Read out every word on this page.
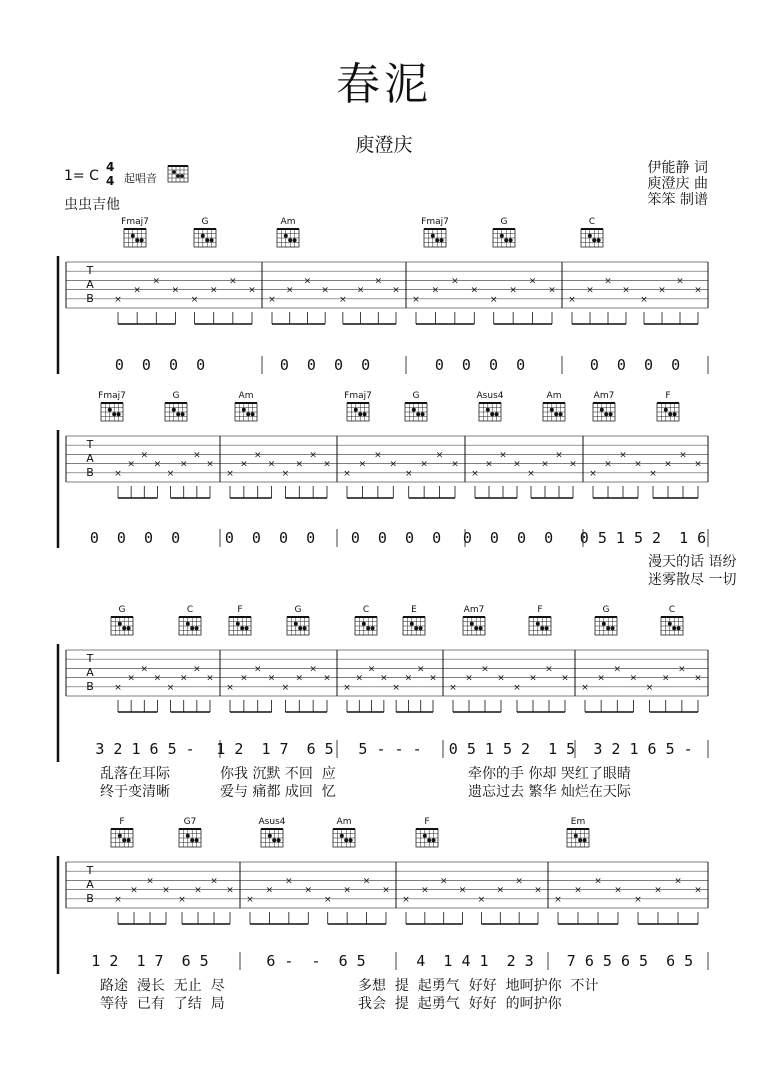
春泥
庾澄庆
1= C
4
4 起唱音
虫虫吉他
伊能静 词
庾澄庆 曲
笨笨 制谱
Fmaj7	G	Am	Fmaj7	G	C
T
A
B ×
×
×
×
×
×
×
×
×
×
×
×
×
×
×
×
×
×
×
×
×
×
×
×
×
×
×
×
×
×
×
×
0  0  0  0	0  0  0  0	0  0  0  0	0  0  0  0
Fmaj7	G	Am	Fmaj7	G	Asus4	Am	Am7	F
T
A
B ×
×
×
×
×
×
×
×
×
×
×
×
×
×
×
×
×
×
×
×
×
×
×
×
×
×
×
×
×
×
×
×
×
×
×
×
×
×
×
×
0  0  0  0	0  0  0  0 0  0  0  0 0  0  0  0 0 5 1 5 2  1 6
G	C	F	G	C	E	Am7	F	G	C
T
A
B ×
×
×
×
×
×
×
×
×
×
×
×
×
×
×
×
×
×
×
×
×
×
×
×
×
×
×
×
×
×
×
×
×
×
×
×
×
×
×
×
3 2 1 6 5 - 1 2  1 7  6 5 5 - - - 0 5 1 5 2  1 5 3 2 1 6 5 -
F	G7	Asus4	Am	F	Em
T
A
B ×
×
×
×
×
×
×
×
×
×
×
×
×
×
×
×
×
×
×
×
×
×
×
×
×
×
×
×
×
×
×
×
1 2  1 7  6 5	6 -  -  6 5	4  1 4 1  2 3 7 6 5 6 5  6 5
漫天的话 语纷
迷雾散尽 一切
乱落在耳际	你我 沉默 不回  应	牵你的手 你却 哭红了眼睛
终于变清晰	爱与 痛都 成回  忆	遗忘过去 繁华 灿烂在天际
路途  漫长  无止  尽	多想  提  起勇气  好好  地呵护你  不计
等待  已有  了结  局	我会  提  起勇气  好好  的呵护你
